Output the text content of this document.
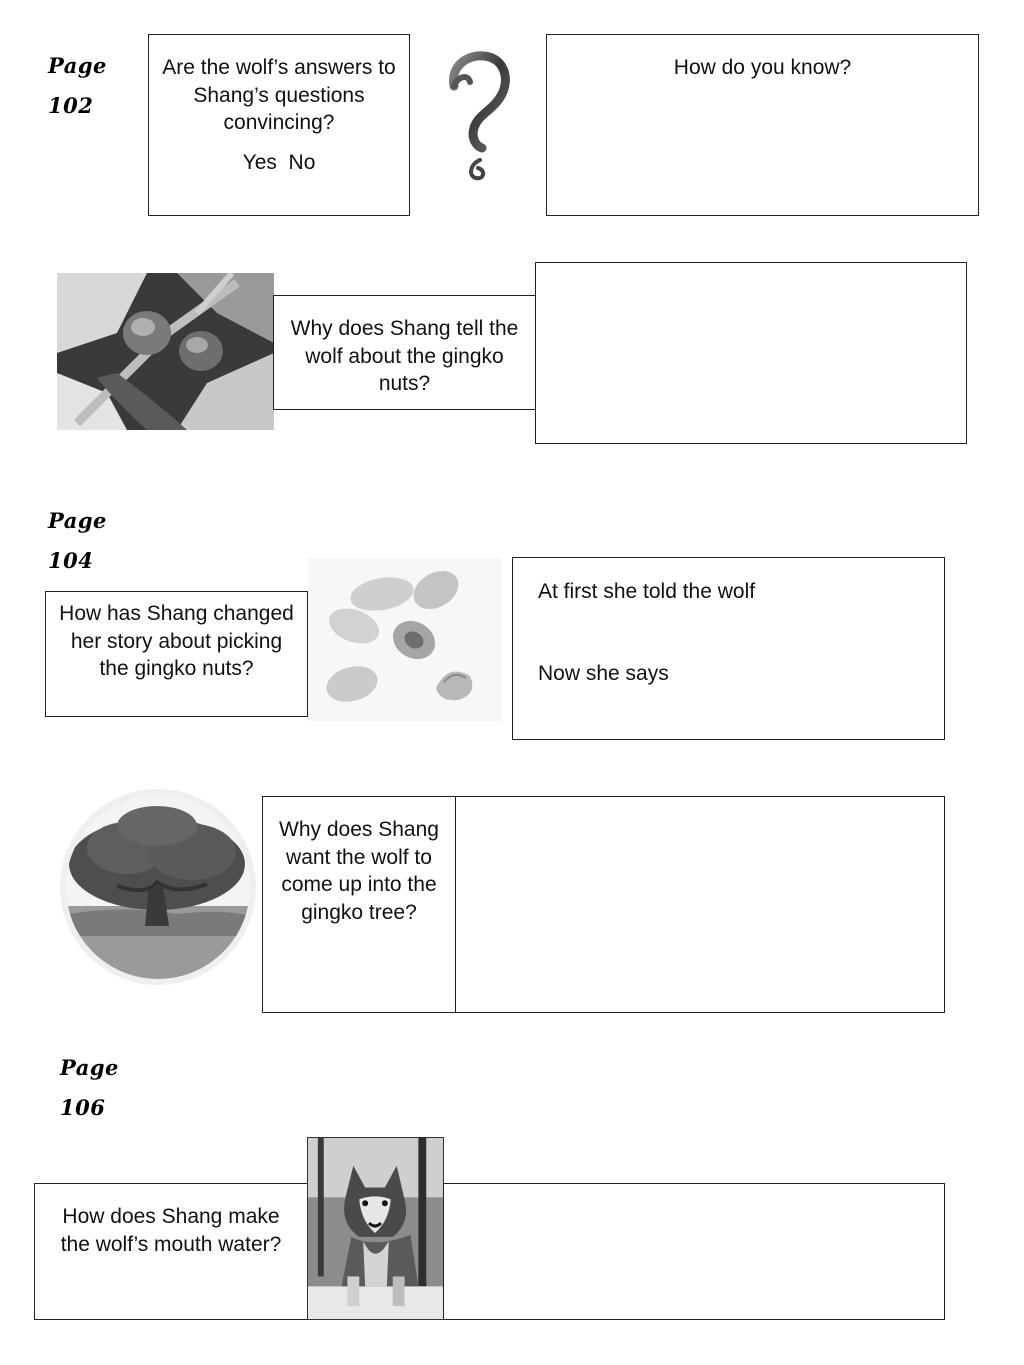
Page
102
Are the wolf’s answers to Shang’s questions convincing?
Yes  No
How do you know?
Why does Shang tell the wolf about the gingko nuts?
Page
104
How has Shang changed her story about picking the gingko nuts?
At first she told the wolf
Now she says
Why does Shang want the wolf to come up into the gingko tree?
Page
106
How does Shang make the wolf’s mouth water?
